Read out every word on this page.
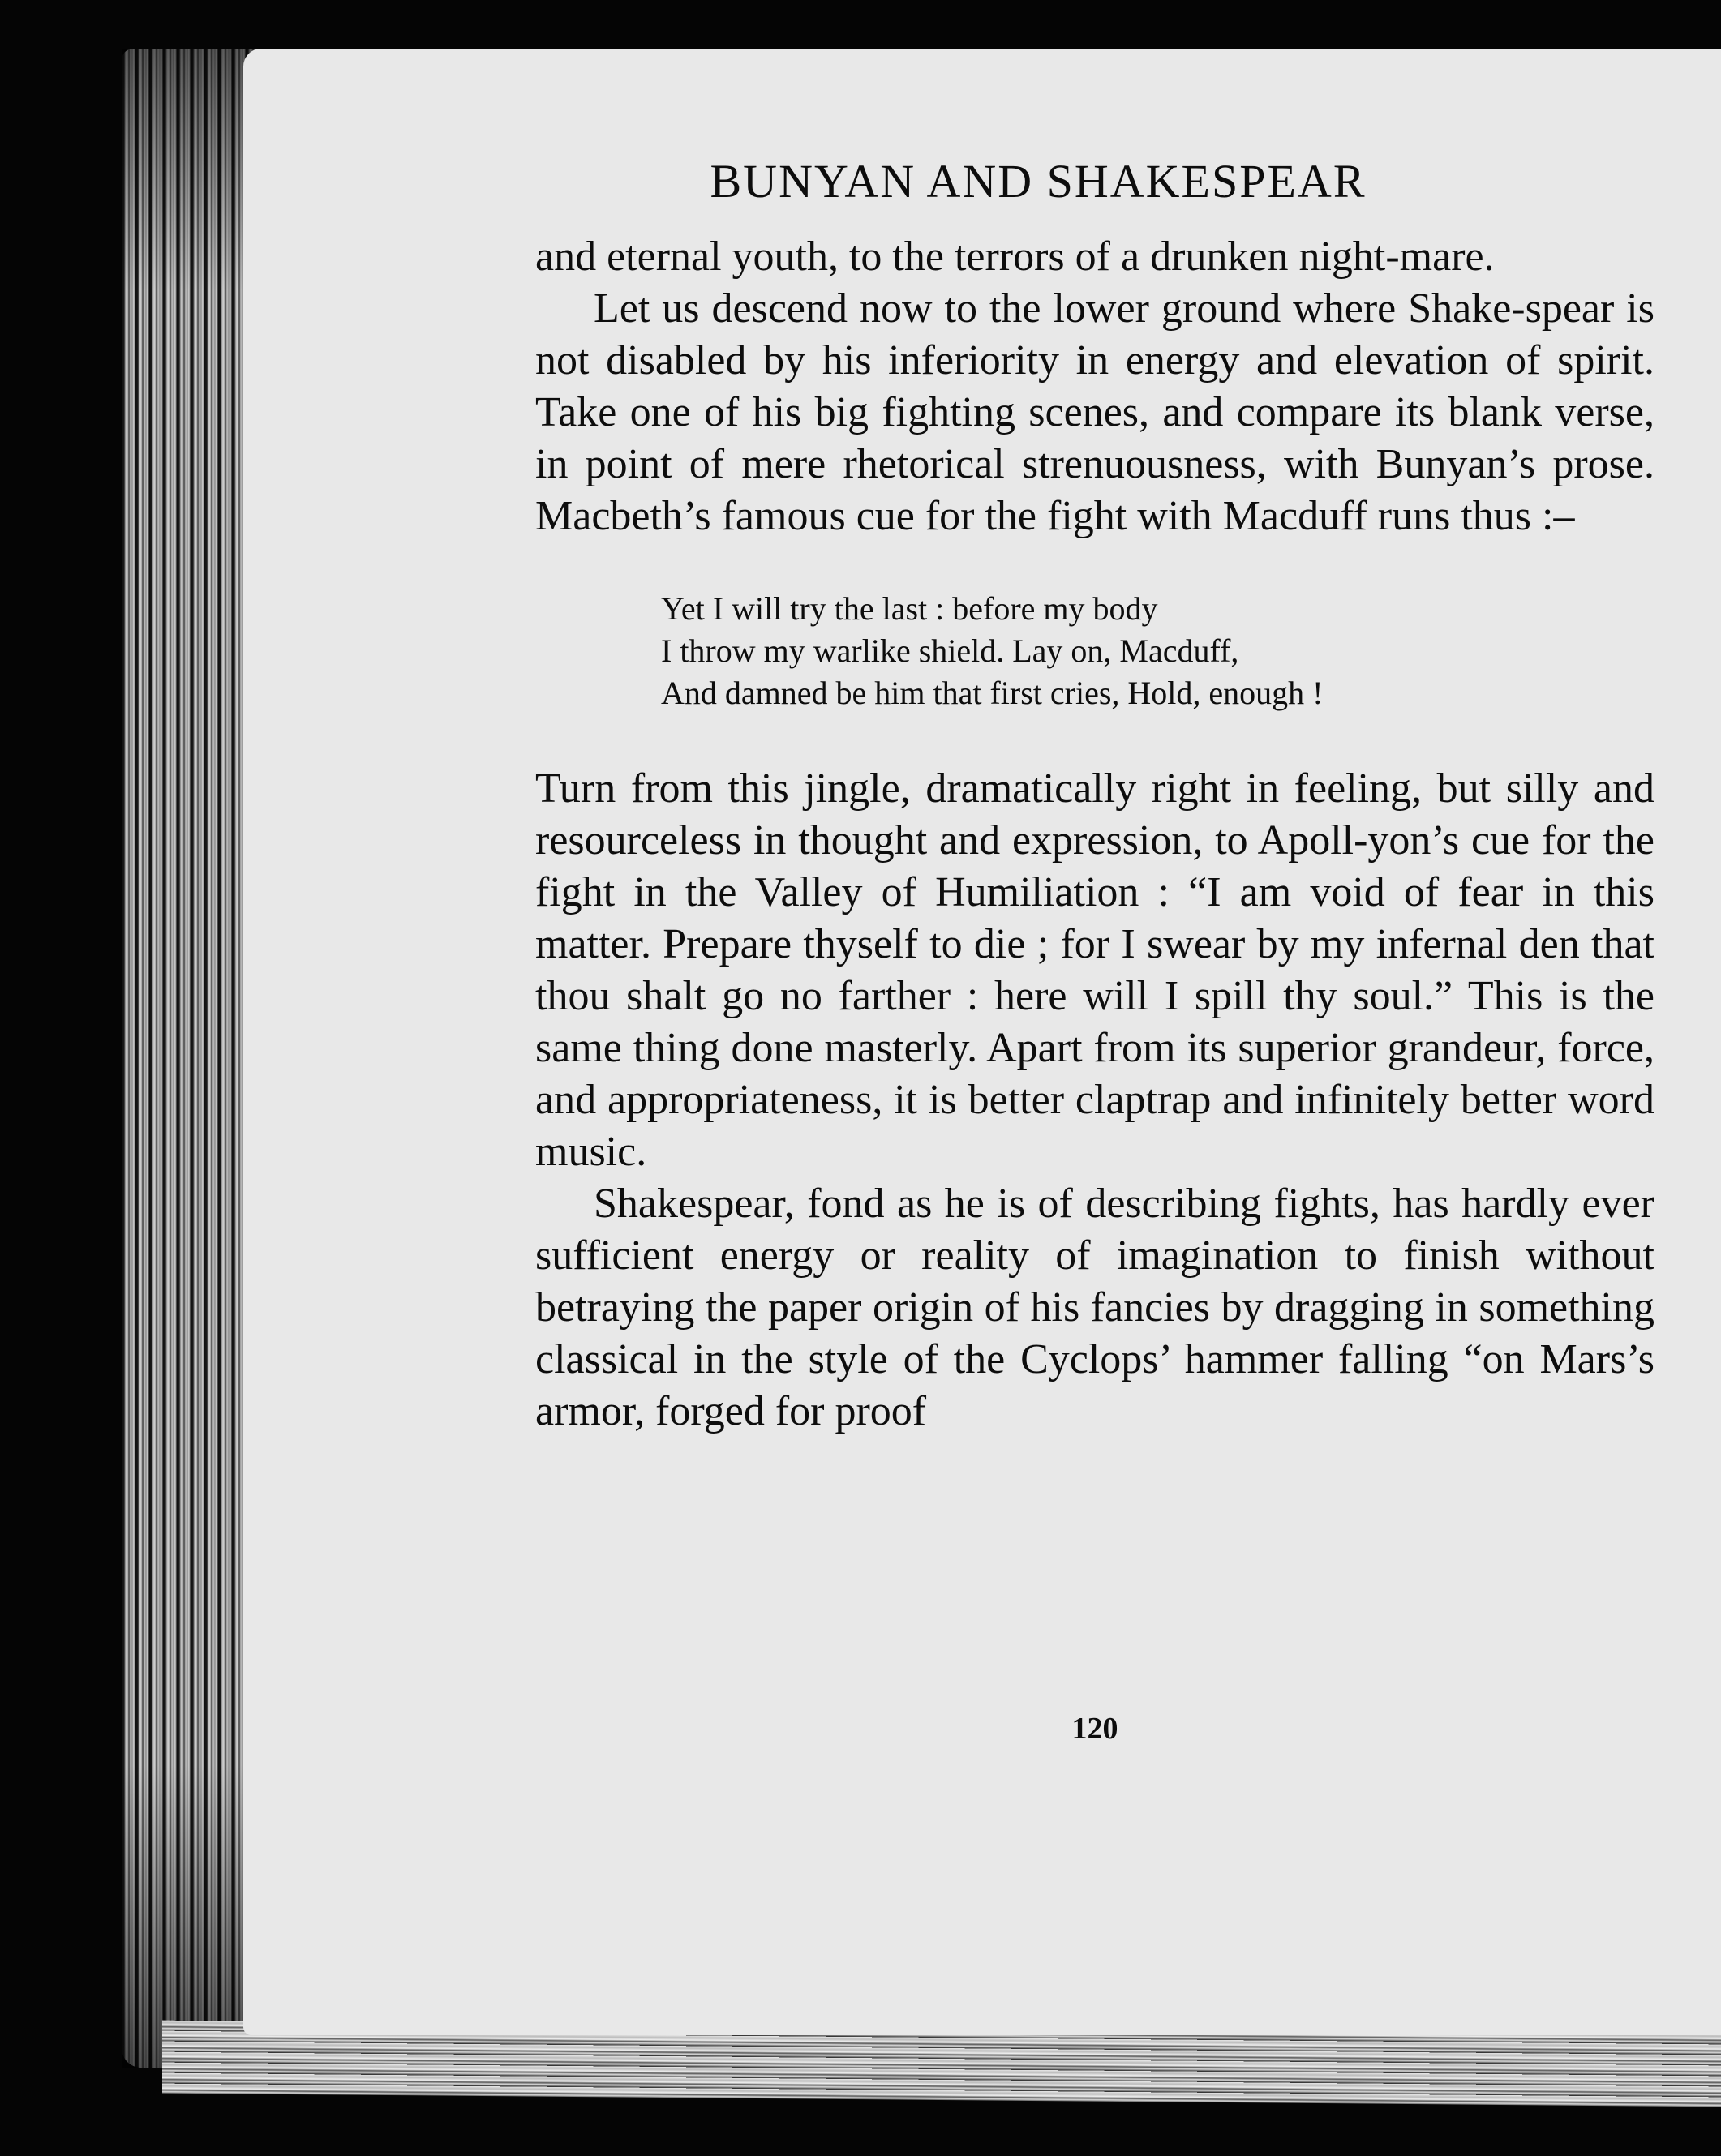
BUNYAN AND SHAKESPEAR

and eternal youth, to the terrors of a drunken night-mare.

Let us descend now to the lower ground where Shake-spear is not disabled by his inferiority in energy and elevation of spirit. Take one of his big fighting scenes, and compare its blank verse, in point of mere rhetorical strenuousness, with Bunyan’s prose. Macbeth’s famous cue for the fight with Macduff runs thus :–

Yet I will try the last : before my body
I throw my warlike shield. Lay on, Macduff,
And damned be him that first cries, Hold, enough !

Turn from this jingle, dramatically right in feeling, but silly and resourceless in thought and expression, to Apoll-yon’s cue for the fight in the Valley of Humiliation : “I am void of fear in this matter. Prepare thyself to die ; for I swear by my infernal den that thou shalt go no farther : here will I spill thy soul.” This is the same thing done masterly. Apart from its superior grandeur, force, and appropriateness, it is better claptrap and infinitely better word music.

Shakespear, fond as he is of describing fights, has hardly ever sufficient energy or reality of imagination to finish without betraying the paper origin of his fancies by dragging in something classical in the style of the Cyclops’ hammer falling “on Mars’s armor, forged for proof

120
